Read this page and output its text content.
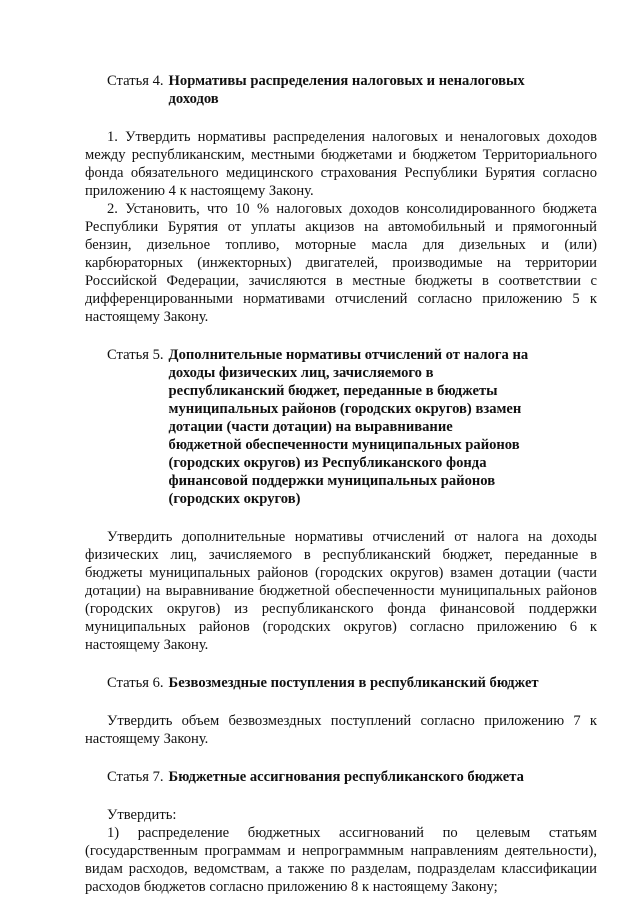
Статья 4. Нормативы распределения налоговых и неналоговых доходов

1. Утвердить нормативы распределения налоговых и неналоговых доходов между республиканским, местными бюджетами и бюджетом Территориального фонда обязательного медицинского страхования Республики Бурятия согласно приложению 4 к настоящему Закону.

2. Установить, что 10 % налоговых доходов консолидированного бюджета Республики Бурятия от уплаты акцизов на автомобильный и прямогонный бензин, дизельное топливо, моторные масла для дизельных и (или) карбюраторных (инжекторных) двигателей, производимые на территории Российской Федерации, зачисляются в местные бюджеты в соответствии с дифференцированными нормативами отчислений согласно приложению 5 к настоящему Закону.

Статья 5. Дополнительные нормативы отчислений от налога на доходы физических лиц, зачисляемого в республиканский бюджет, переданные в бюджеты муниципальных районов (городских округов) взамен дотации (части дотации) на выравнивание бюджетной обеспеченности муниципальных районов (городских округов) из Республиканского фонда финансовой поддержки муниципальных районов (городских округов)

Утвердить дополнительные нормативы отчислений от налога на доходы физических лиц, зачисляемого в республиканский бюджет, переданные в бюджеты муниципальных районов (городских округов) взамен дотации (части дотации) на выравнивание бюджетной обеспеченности муниципальных районов (городских округов) из республиканского фонда финансовой поддержки муниципальных районов (городских округов) согласно приложению 6 к настоящему Закону.

Статья 6. Безвозмездные поступления в республиканский бюджет

Утвердить объем безвозмездных поступлений согласно приложению 7 к настоящему Закону.

Статья 7. Бюджетные ассигнования республиканского бюджета

Утвердить:

1) распределение бюджетных ассигнований по целевым статьям (государственным программам и непрограммным направлениям деятельности), видам расходов, ведомствам, а также по разделам, подразделам классификации расходов бюджетов согласно приложению 8 к настоящему Закону;
